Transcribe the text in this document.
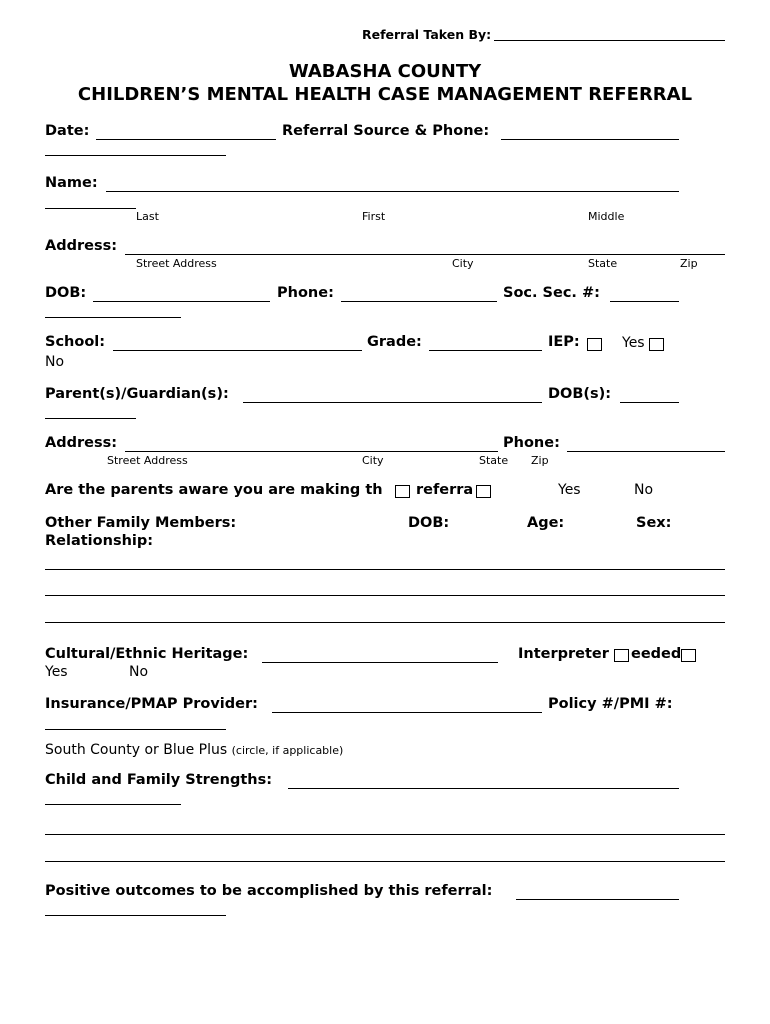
Referral Taken By:
WABASHA COUNTY
CHILDREN’S MENTAL HEALTH CASE MANAGEMENT REFERRAL
Date:	Referral Source & Phone:
Name:
Last	First	Middle
Address:
Street Address	City	State	Zip
DOB:	Phone:	Soc. Sec. #:
School:	Grade:	IEP:	Yes
No
Parent(s)/Guardian(s):	DOB(s):
Address:	Phone:
Street Address	City	State Zip
Are the parents aware you are making th referra	Yes	No
Other Family Members:	DOB:	Age:	Sex:
Relationship:
Cultural/Ethnic Heritage:	Interpreter eeded
Yes	No
Insurance/PMAP Provider:	Policy #/PMI #:
South County or Blue Plus (circle, if applicable)
Child and Family Strengths:
Positive outcomes to be accomplished by this referral:
